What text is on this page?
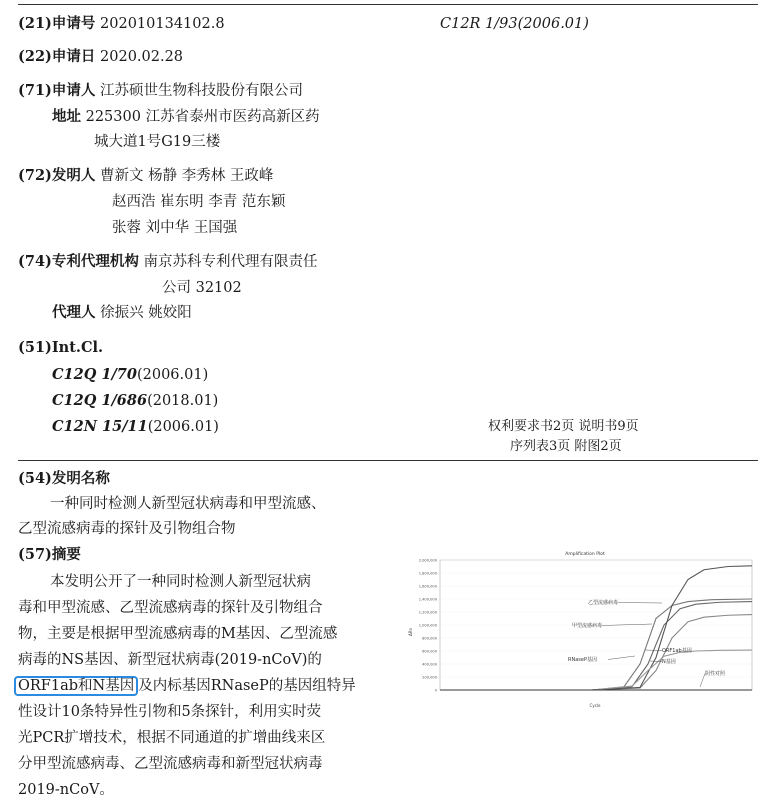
(21)申请号 202010134102.8	C12R 1/93(2006.01)
(22)申请日 2020.02.28
(71)申请人 江苏硕世生物科技股份有限公司
地址 225300 江苏省泰州市医药高新区药
城大道1号G19三楼
(72)发明人 曹新文 杨静 李秀林 王政峰
赵西浩 崔东明 李青 范东颖
张蓉 刘中华 王国强
(74)专利代理机构 南京苏科专利代理有限责任
公司 32102
代理人 徐振兴 姚姣阳
(51)Int.Cl.
C12Q 1/70(2006.01)
C12Q 1/686(2018.01)
C12N 15/11(2006.01)	权利要求书2页 说明书9页
序列表3页 附图2页
(54)发明名称
一种同时检测人新型冠状病毒和甲型流感、
乙型流感病毒的探针及引物组合物
(57)摘要
本发明公开了一种同时检测人新型冠状病
毒和甲型流感、乙型流感病毒的探针及引物组合
物，主要是根据甲型流感病毒的M基因、乙型流感
病毒的NS基因、新型冠状病毒(2019-nCoV)的
ORF1ab和N基因 及内标基因RNaseP的基因组特异
性设计10条特异性引物和5条探针，利用实时荧
光PCR扩增技术，根据不同通道的扩增曲线来区
分甲型流感病毒、乙型流感病毒和新型冠状病毒
2019-nCoV。
Amplification Plot
2,000,000
1,800,000
1,600,000
1,400,000
1,200,000
1,000,000
800,000
600,000
400,000
200,000
0
乙型流感病毒
甲型流感病毒
ORF1ab基因
N基因
RNaseP基因
阴性对照
Cycle
ΔRn
